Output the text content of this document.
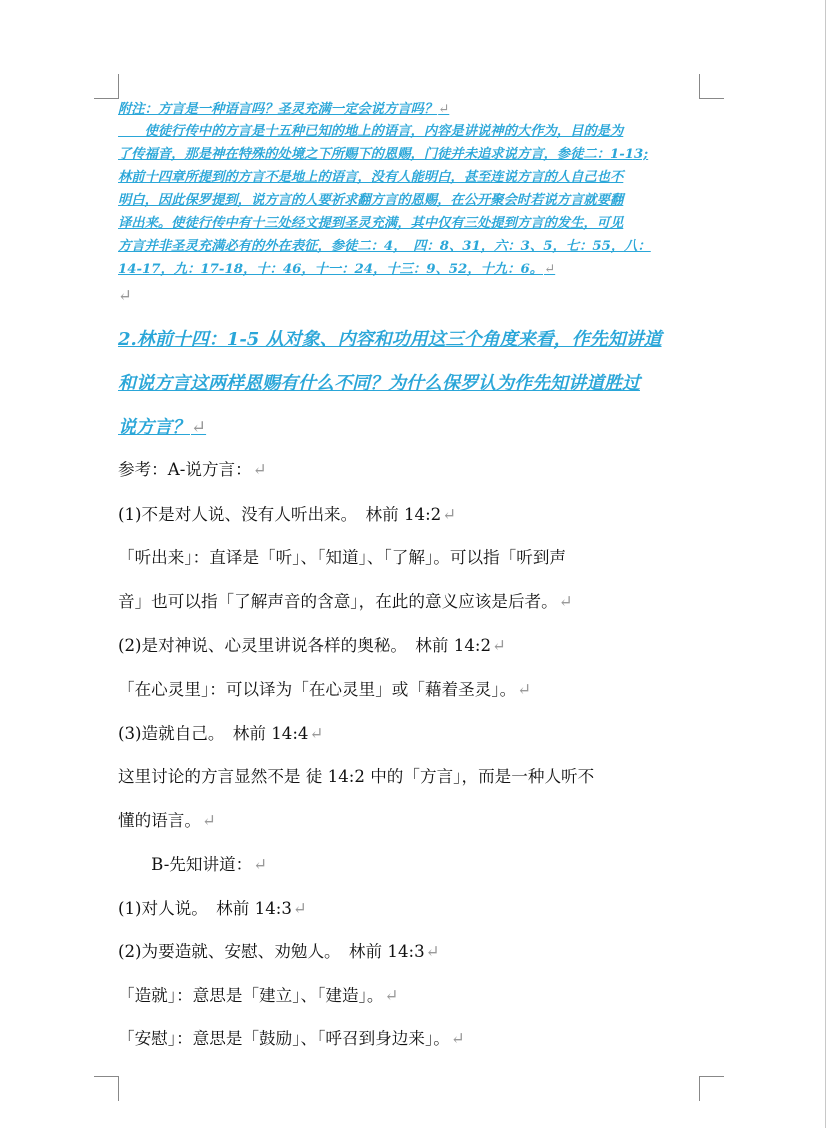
附注：方言是一种语言吗？圣灵充满一定会说方言吗？↵
　　使徒行传中的方言是十五种已知的地上的语言，内容是讲说神的大作为，目的是为
了传福音，那是神在特殊的处境之下所赐下的恩赐，门徒并未追求说方言，参徒二：1-13;
林前十四章所提到的方言不是地上的语言，没有人能明白，甚至连说方言的人自己也不
明白，因此保罗提到，说方言的人要祈求翻方言的恩赐，在公开聚会时若说方言就要翻
译出来。使徒行传中有十三处经文提到圣灵充满，其中仅有三处提到方言的发生，可见
方言并非圣灵充满必有的外在表征，参徒二：4，　四：8、31，六：3、5，七：55，八：
14-17，九：17-18，十：46，十一：24，十三：9、52，十九：6。↵
↵
2.林前十四：1-5 从对象、内容和功用这三个角度来看，作先知讲道
和说方言这两样恩赐有什么不同？为什么保罗认为作先知讲道胜过
说方言？↵
参考：A-说方言：↵
(1)不是对人说、没有人听出来。　林前 14:2↵
「听出来」：直译是「听」、「知道」、「了解」。可以指「听到声
音」也可以指「了解声音的含意」，在此的意义应该是后者。↵
(2)是对神说、心灵里讲说各样的奥秘。　林前 14:2↵
「在心灵里」：可以译为「在心灵里」或「藉着圣灵」。↵
(3)造就自己。　林前 14:4↵
这里讨论的方言显然不是 徒 14:2 中的「方言」，而是一种人听不
懂的语言。↵
　　B-先知讲道：↵
(1)对人说。　林前 14:3↵
(2)为要造就、安慰、劝勉人。　林前 14:3↵
「造就」：意思是「建立」、「建造」。↵
「安慰」：意思是「鼓励」、「呼召到身边来」。↵
